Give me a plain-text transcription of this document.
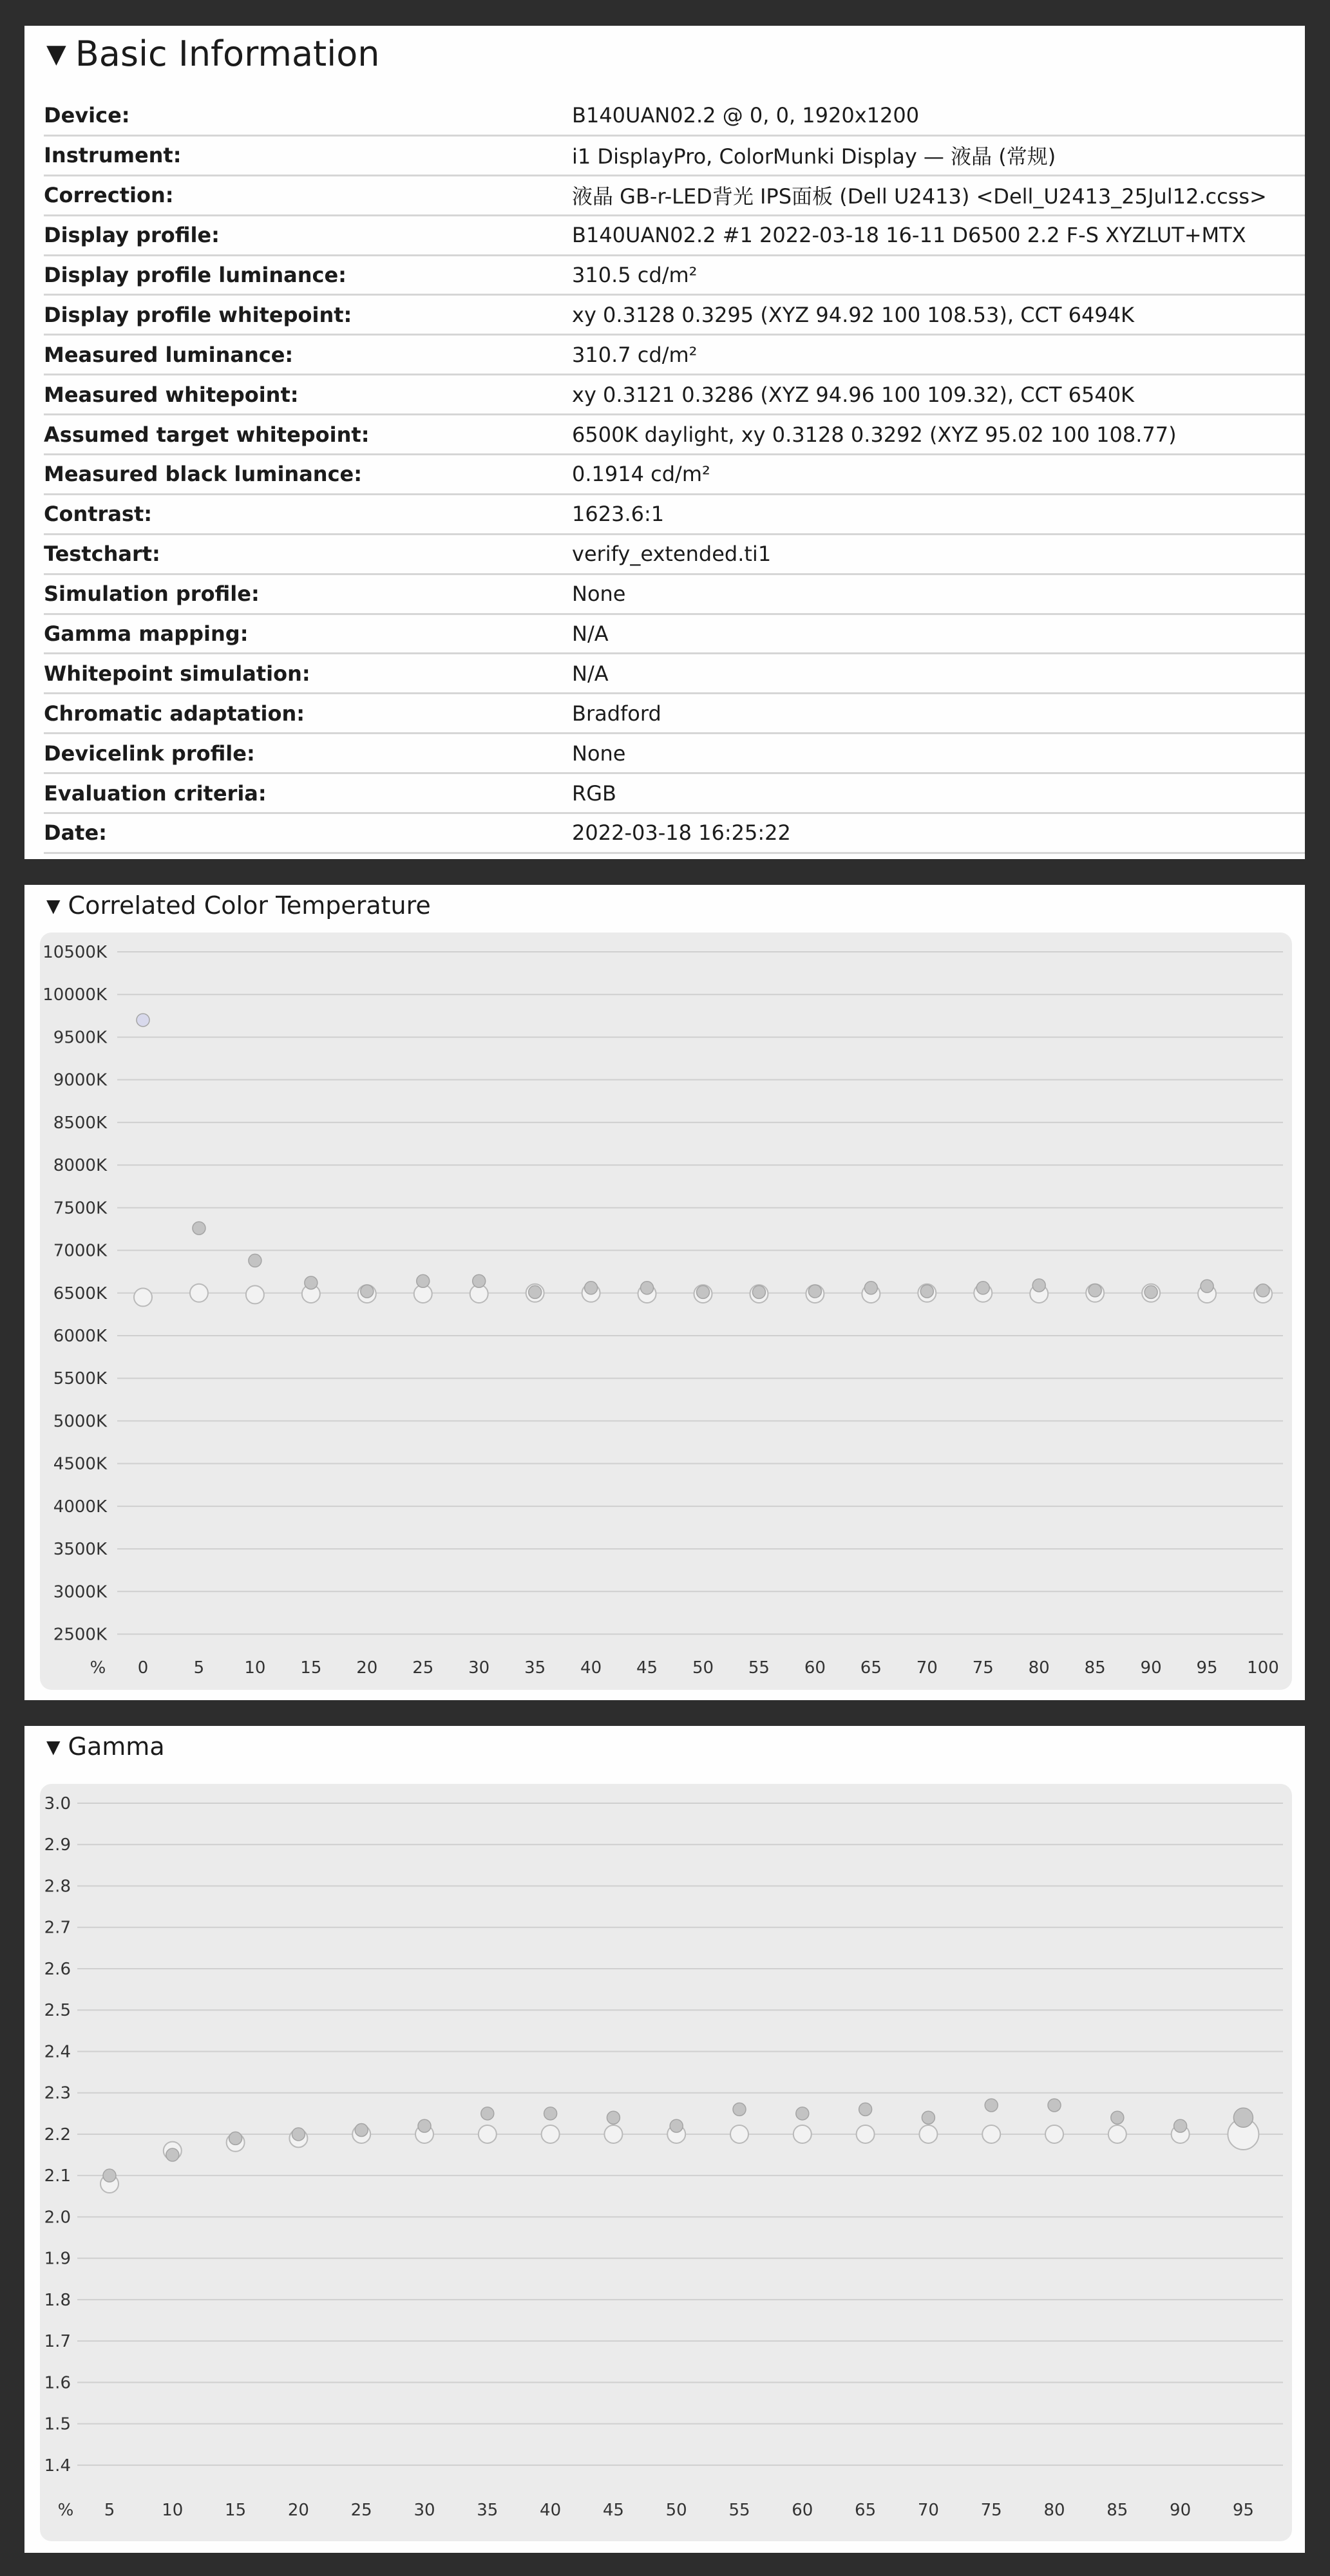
▼ Basic Information
Device:	B140UAN02.2 @ 0, 0, 1920x1200
Instrument:	i1 DisplayPro, ColorMunki Display — 液晶 (常规)
Correction:	液晶 GB-r-LED背光 IPS面板 (Dell U2413) <Dell_U2413_25Jul12.ccss>
Display profile:	B140UAN02.2 #1 2022-03-18 16-11 D6500 2.2 F-S XYZLUT+MTX
Display profile luminance:	310.5 cd/m²
Display profile whitepoint:	xy 0.3128 0.3295 (XYZ 94.92 100 108.53), CCT 6494K
Measured luminance:	310.7 cd/m²
Measured whitepoint:	xy 0.3121 0.3286 (XYZ 94.96 100 109.32), CCT 6540K
Assumed target whitepoint:	6500K daylight, xy 0.3128 0.3292 (XYZ 95.02 100 108.77)
Measured black luminance:	0.1914 cd/m²
Contrast:	1623.6:1
Testchart:	verify_extended.ti1
Simulation profile:	None
Gamma mapping:	N/A
Whitepoint simulation:	N/A
Chromatic adaptation:	Bradford
Devicelink profile:	None
Evaluation criteria:	RGB
Date:	2022-03-18 16:25:22
▼ Correlated Color Temperature
2500K
3000K
3500K
4000K
4500K
5000K
5500K
6000K
6500K
7000K
7500K
8000K
8500K
9000K
9500K
10000K
10500K
% 0	5 10 15 20 25 30 35 40 45 50 55 60 65 70 75 80 85 90 95 100
▼ Gamma
1.4
1.5
1.6
1.7
1.8
1.9
2.0
2.1
2.2
2.3
2.4
2.5
2.6
2.7
2.8
2.9
3.0
% 5	10 15 20 25 30 35 40 45 50 55 60 65 70 75 80 85 90 95
